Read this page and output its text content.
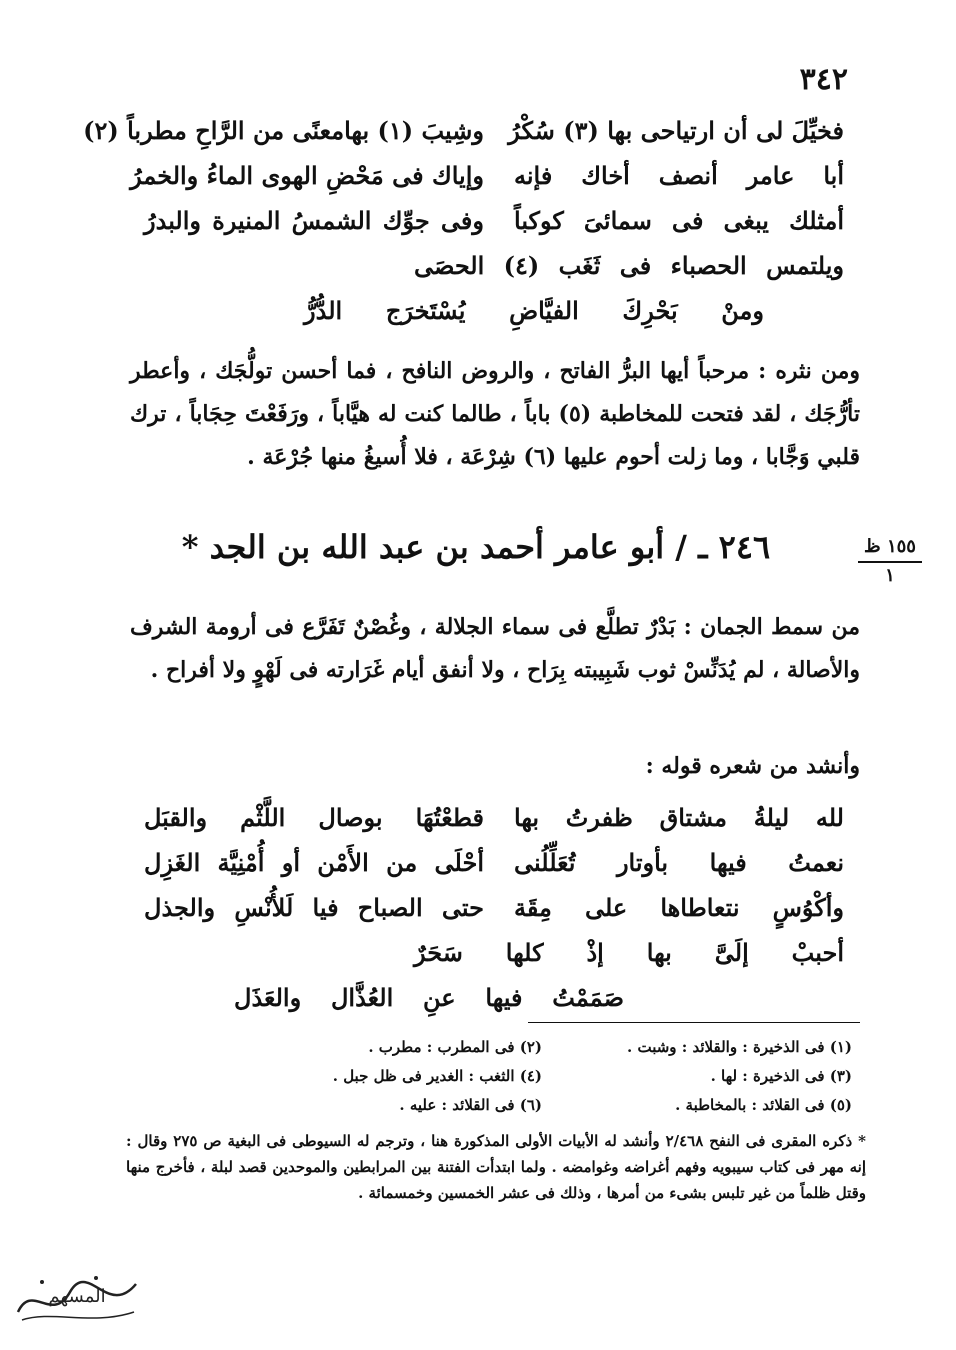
٣٤٢
فخيِّلَ لى أن ارتياحى بها (٣) سُكْرُ
وشِيبَ (١) بهامعنًى من الرَّاحِ مطرباً (٢)
أبا عامر أنصف أخاك فإنه
وإياك فى مَحْضِ الهوى الماءُ والخمرُ
أمثلك يبغى فى سمائىَ كوكباً
وفى جوِّك الشمسُ المنيرة والبدرُ
ويلتمس الحصباء فى ثَغَب (٤) الحصَى
ومنْ بَحْرِكَ الفيَّاضِ يُسْتَخرَج الدُّرُّ
ومن نثره : مرحباً أيها البرُّ الفاتح ، والروض النافح ، فما أحسن تولُّجَك ، وأعطر تأرُّجَك ، لقد فتحت للمخاطبة (٥) باباً ، طالما كنت له هيَّاباً ، ورَفَعْتَ حِجَاباً ، ترك قلبي وَجَّابا ، وما زلت أحوم عليها (٦) شِرْعَة ، فلا أُسيغُ منها جُرْعَة .
٢٤٦ ـ / أبو عامر أحمد بن عبد الله بن الجد *	١٥٥ ظ
١
من سمط الجمان : بَدْرٌ تطلَّع فى سماء الجلالة ، وغُصْنٌ تَفَرَّع فى أرومة الشرف والأصالة ، لم يُدَنِّسْ ثوب شَبِيبته بِرَاح ، ولا أنفق أيام غَرَارته فى لَهْوٍ ولا أفراح .
وأنشد من شعره قوله :
لله ليلةُ مشتاق ظفرتُ بها
قطعْتُهَا بوصال اللَّثْم والقبَل
نعمتُ فيها بأوتار تُعَلِّلُنى
أحْلَى من الأَمْن أو أُمْنِيَّة الغَزِل
وأكْوُسٍ نتعاطاها على مِقَة
حتى الصباح فيا لَلأُنْسِ والجذل
أحببْ إلَىَّ بها إذْ كلها سَحَرٌ
صَمَمْتُ فيها عنِ العُذَّال والعَذَل
(١) فى الذخيرة : والقلائد : وشبت .
(٢) فى المطرب : مطرب .
(٣) فى الذخيرة : لها .
(٤) الثغب : الغدير فى ظل جبل .
(٥) فى القلائد : بالمخاطبة .
(٦) فى القلائد : عليه .
* ذكره المقرى فى النفح ٢/٤٦٨ وأنشد له الأبيات الأولى المذكورة هنا ، وترجم له السيوطى فى البغية ص ٢٧٥ وقال : إنه مهر فى كتاب سيبويه وفهم أغراضه وغوامضه . ولما ابتدأت الفتنة بين المرابطين والموحدين قصد لبلة ، فأخرج منها وقتل ظلماً من غير تلبس بشىء من أمرها ، وذلك فى عشر الخمسين وخمسمائة .
المسهم
